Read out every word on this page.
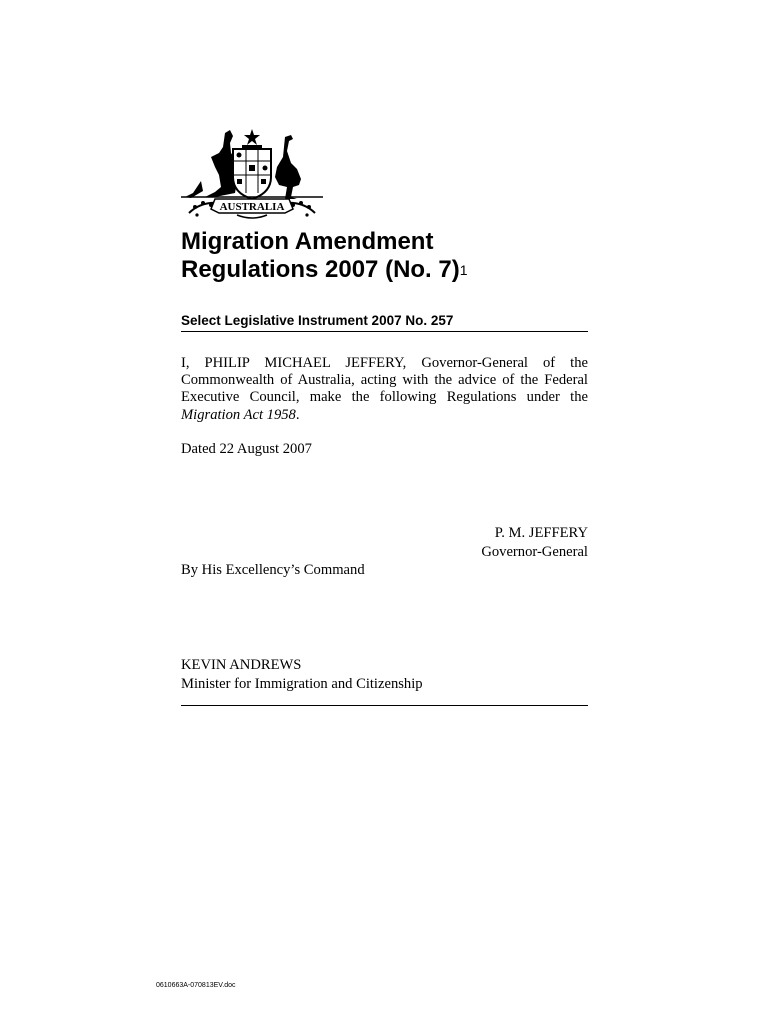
AUSTRALIA
Migration Amendment
Regulations 2007 (No. 7)$^1$
Select Legislative Instrument 2007 No. 257
I, PHILIP MICHAEL JEFFERY, Governor-General of the Commonwealth of Australia, acting with the advice of the Federal Executive Council, make the following Regulations under the Migration Act 1958.
Dated 22 August 2007
P. M. JEFFERY
Governor-General
By His Excellency’s Command
KEVIN ANDREWS
Minister for Immigration and Citizenship
0610663A-070813EV.doc
